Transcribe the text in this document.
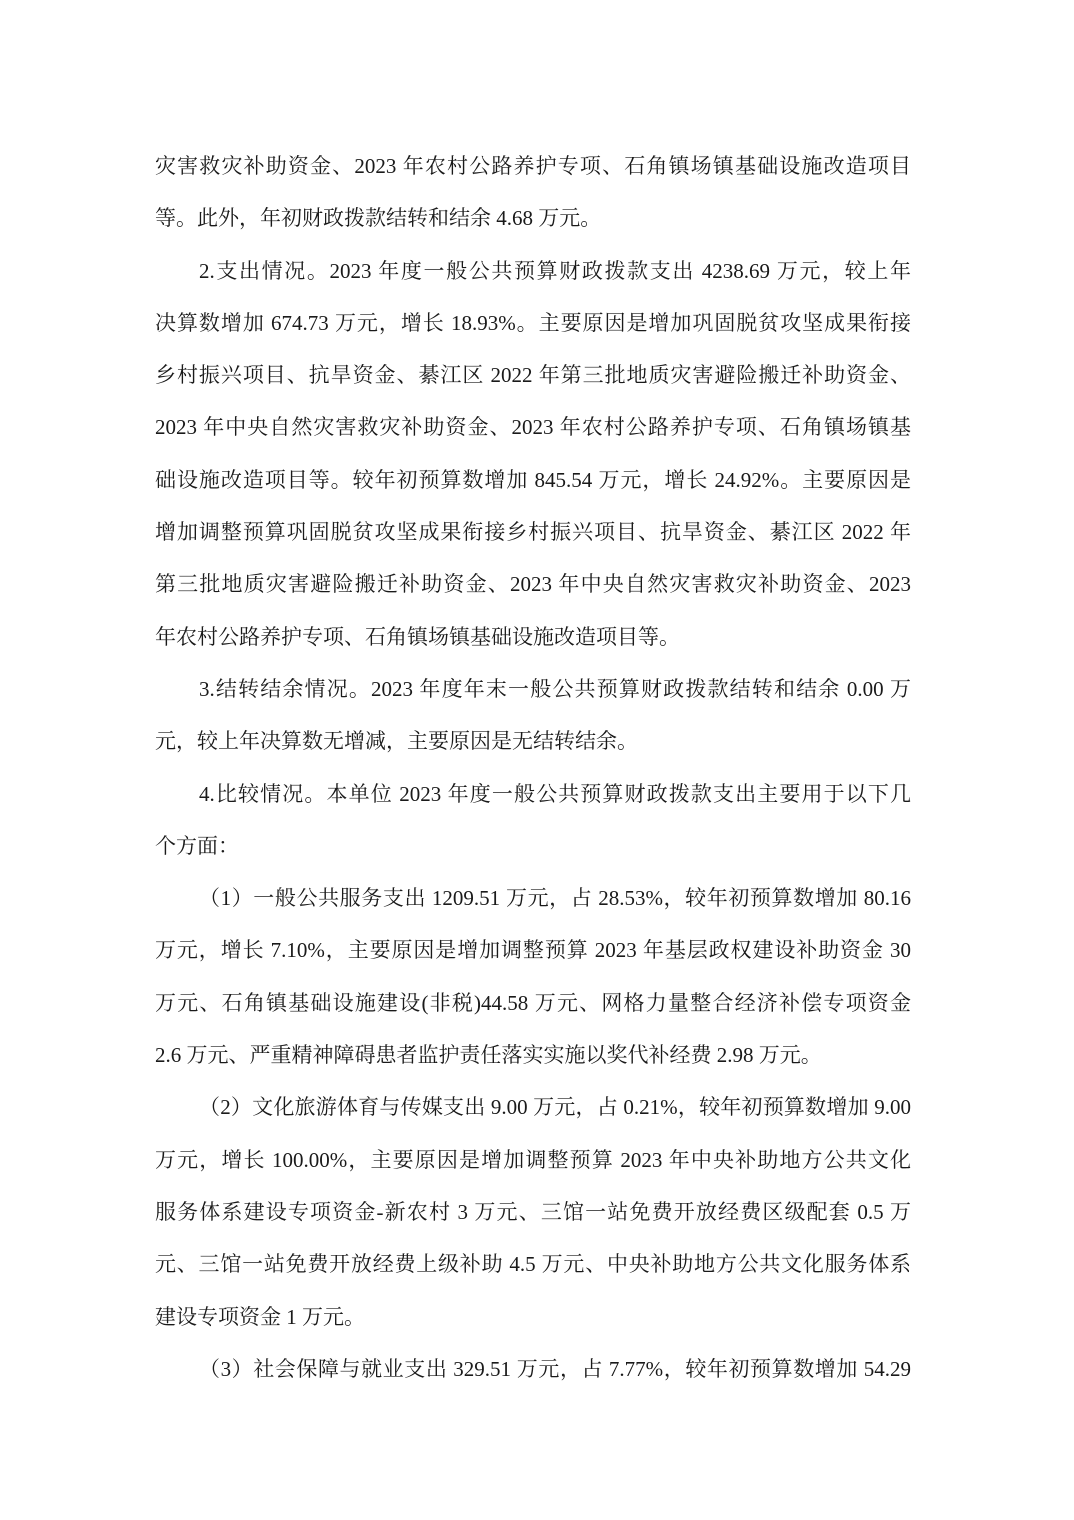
灾害救灾补助资金、2023 年农村公路养护专项、石角镇场镇基础设施改造项目
等。此外，年初财政拨款结转和结余 4.68 万元。
2.支出情况。2023 年度一般公共预算财政拨款支出 4238.69 万元，较上年
决算数增加 674.73 万元，增长 18.93%。主要原因是增加巩固脱贫攻坚成果衔接
乡村振兴项目、抗旱资金、綦江区 2022 年第三批地质灾害避险搬迁补助资金、
2023 年中央自然灾害救灾补助资金、2023 年农村公路养护专项、石角镇场镇基
础设施改造项目等。较年初预算数增加 845.54 万元，增长 24.92%。主要原因是
增加调整预算巩固脱贫攻坚成果衔接乡村振兴项目、抗旱资金、綦江区 2022 年
第三批地质灾害避险搬迁补助资金、2023 年中央自然灾害救灾补助资金、2023
年农村公路养护专项、石角镇场镇基础设施改造项目等。
3.结转结余情况。2023 年度年末一般公共预算财政拨款结转和结余 0.00 万
元，较上年决算数无增减，主要原因是无结转结余。
4.比较情况。本单位 2023 年度一般公共预算财政拨款支出主要用于以下几
个方面：
（1）一般公共服务支出 1209.51 万元，占 28.53%，较年初预算数增加 80.16
万元，增长 7.10%，主要原因是增加调整预算 2023 年基层政权建设补助资金 30
万元、石角镇基础设施建设(非税)44.58 万元、网格力量整合经济补偿专项资金
2.6 万元、严重精神障碍患者监护责任落实实施以奖代补经费 2.98 万元。
（2）文化旅游体育与传媒支出 9.00 万元，占 0.21%，较年初预算数增加 9.00
万元，增长 100.00%，主要原因是增加调整预算 2023 年中央补助地方公共文化
服务体系建设专项资金-新农村 3 万元、三馆一站免费开放经费区级配套 0.5 万
元、三馆一站免费开放经费上级补助 4.5 万元、中央补助地方公共文化服务体系
建设专项资金 1 万元。
（3）社会保障与就业支出 329.51 万元，占 7.77%，较年初预算数增加 54.29
